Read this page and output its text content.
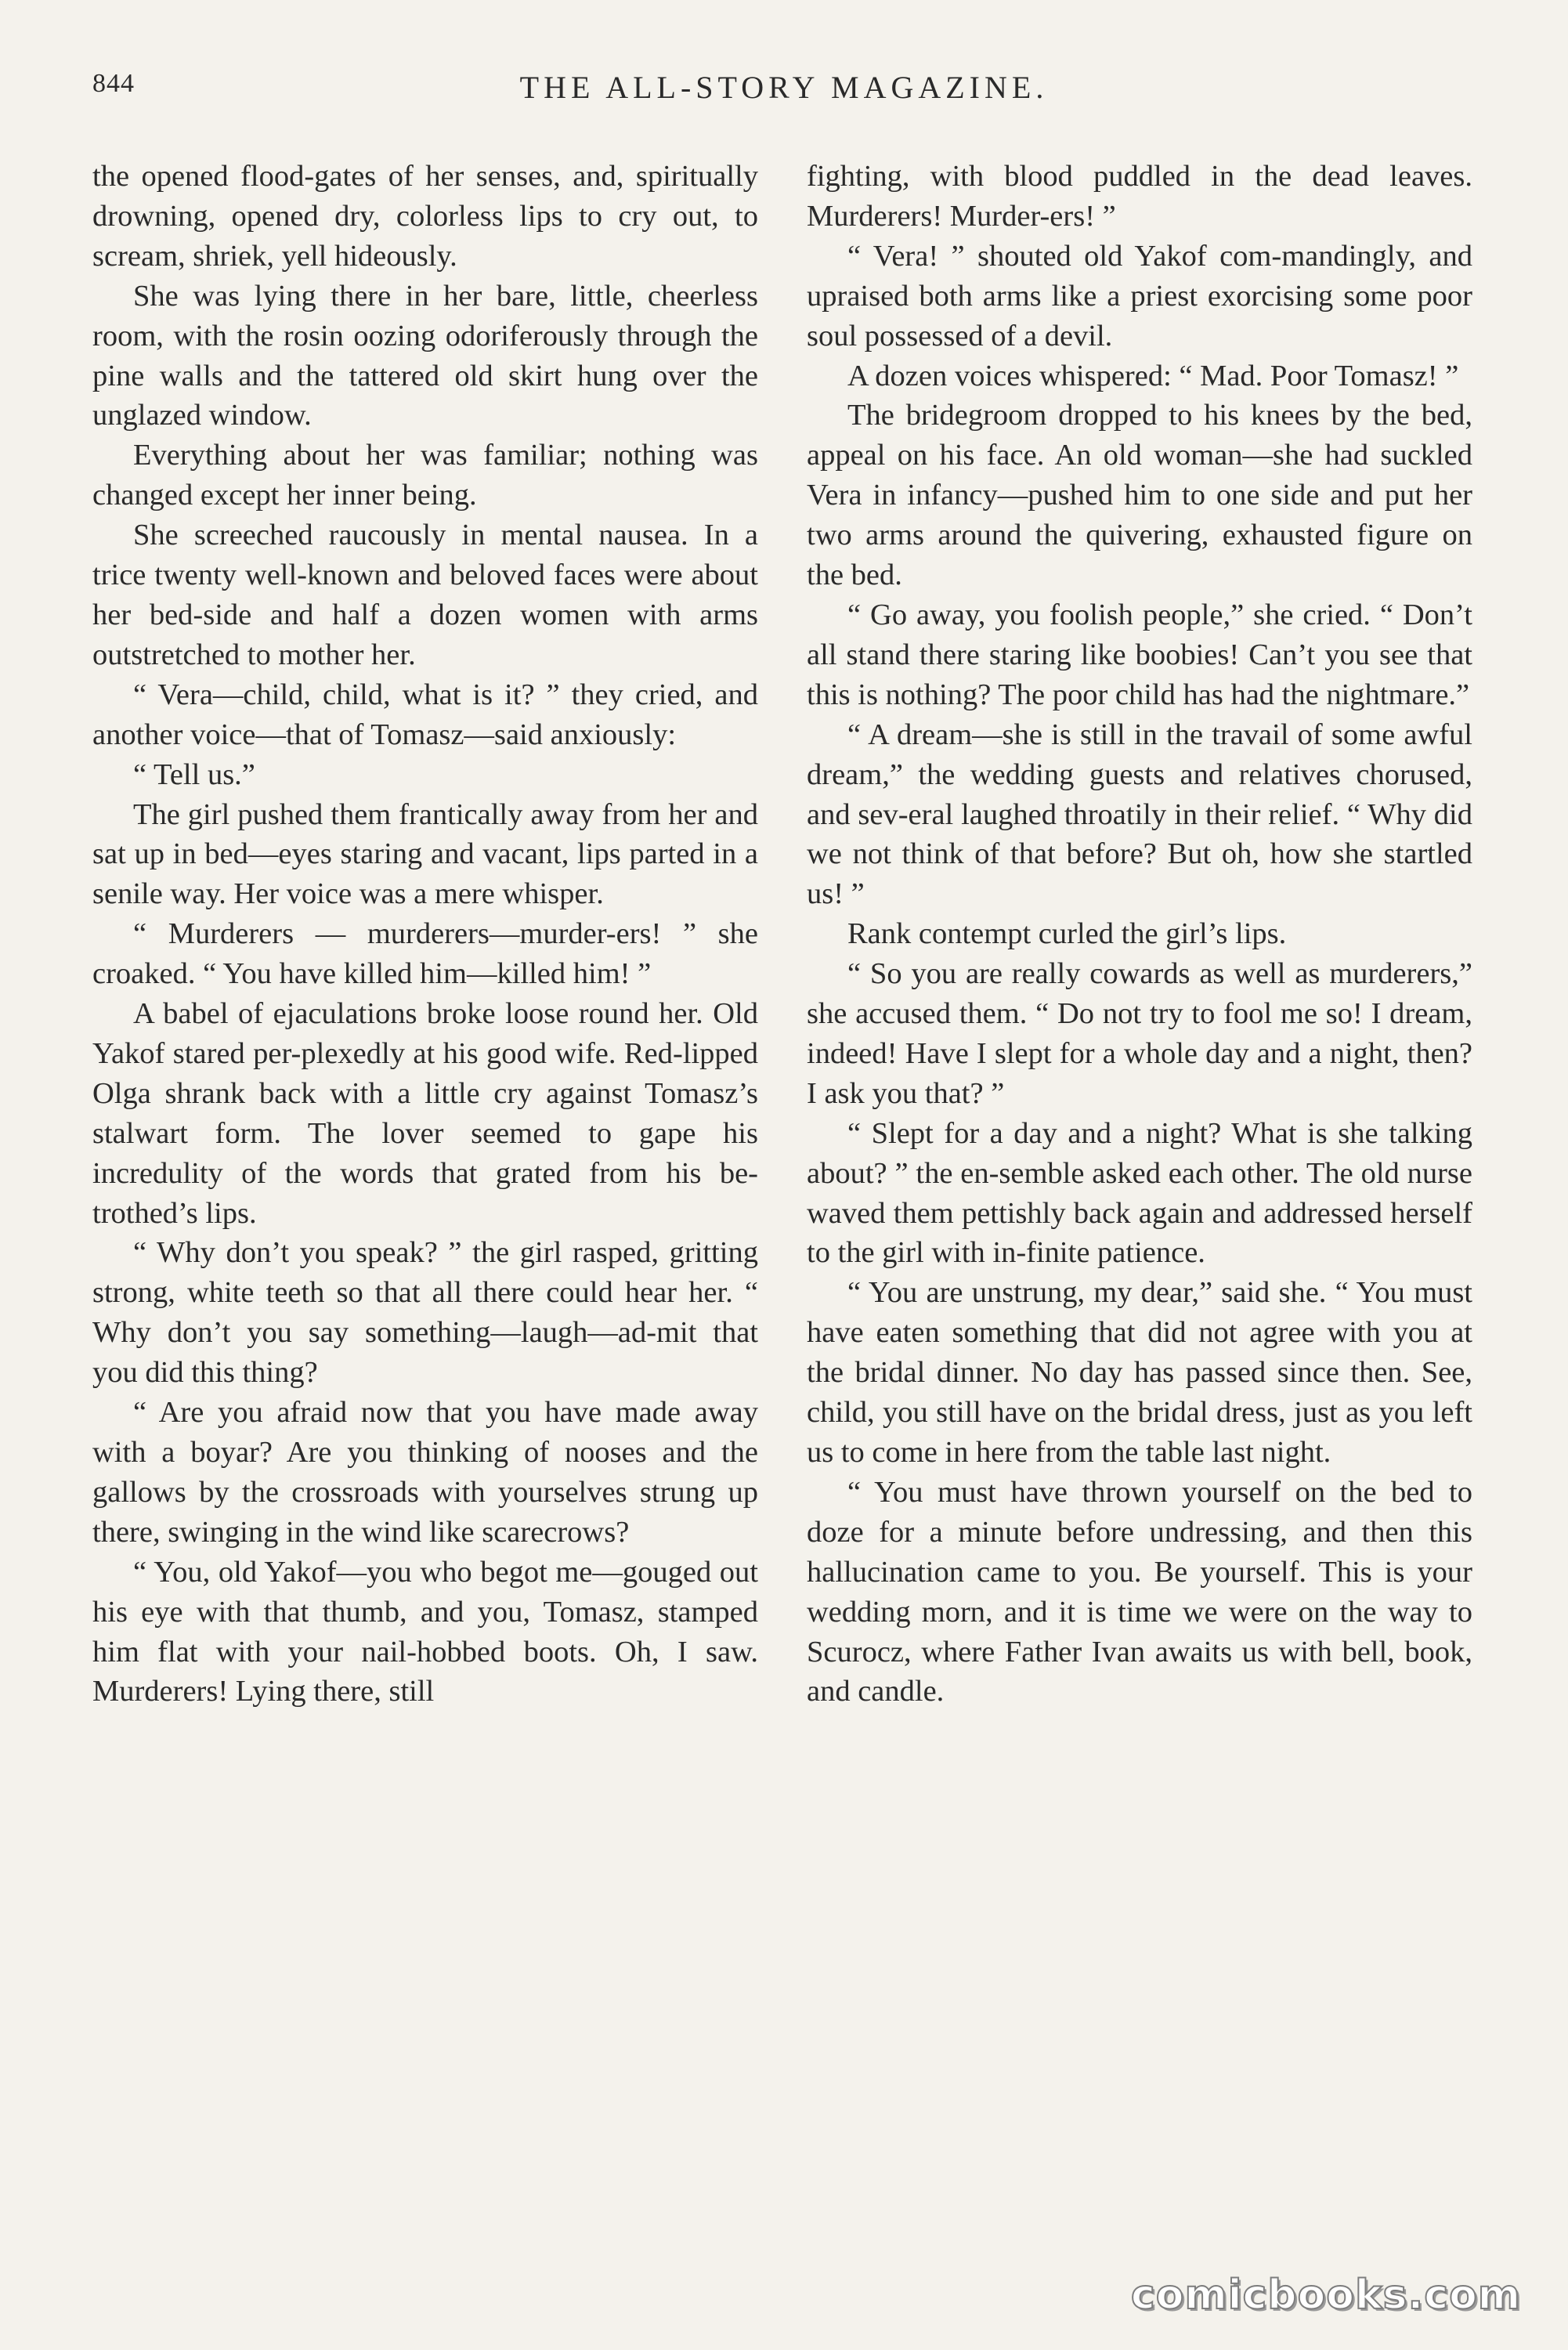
844	THE ALL-STORY MAGAZINE.

the opened flood-gates of her senses, and, spiritually drowning, opened dry, colorless lips to cry out, to scream, shriek, yell hideously.

She was lying there in her bare, little, cheerless room, with the rosin oozing odoriferously through the pine walls and the tattered old skirt hung over the unglazed window.

Everything about her was familiar; nothing was changed except her inner being.

She screeched raucously in mental nausea. In a trice twenty well-known and beloved faces were about her bed-side and half a dozen women with arms outstretched to mother her.

“ Vera—child, child, what is it? ” they cried, and another voice—that of Tomasz—said anxiously:

“ Tell us.”

The girl pushed them frantically away from her and sat up in bed—eyes staring and vacant, lips parted in a senile way. Her voice was a mere whisper.

“ Murderers — murderers—murder-ers! ” she croaked. “ You have killed him—killed him! ”

A babel of ejaculations broke loose round her. Old Yakof stared per-plexedly at his good wife. Red-lipped Olga shrank back with a little cry against Tomasz’s stalwart form. The lover seemed to gape his incredulity of the words that grated from his be-trothed’s lips.

“ Why don’t you speak? ” the girl rasped, gritting strong, white teeth so that all there could hear her. “ Why don’t you say something—laugh—ad-mit that you did this thing?

“ Are you afraid now that you have made away with a boyar? Are you thinking of nooses and the gallows by the crossroads with yourselves strung up there, swinging in the wind like scarecrows?

“ You, old Yakof—you who begot me—gouged out his eye with that thumb, and you, Tomasz, stamped him flat with your nail-hobbed boots. Oh, I saw. Murderers! Lying there, still

fighting, with blood puddled in the dead leaves. Murderers! Murder-ers! ”

“ Vera! ” shouted old Yakof com-mandingly, and upraised both arms like a priest exorcising some poor soul possessed of a devil.

A dozen voices whispered: “ Mad. Poor Tomasz! ”

The bridegroom dropped to his knees by the bed, appeal on his face. An old woman—she had suckled Vera in infancy—pushed him to one side and put her two arms around the quivering, exhausted figure on the bed.

“ Go away, you foolish people,” she cried. “ Don’t all stand there staring like boobies! Can’t you see that this is nothing? The poor child has had the nightmare.”

“ A dream—she is still in the travail of some awful dream,” the wedding guests and relatives chorused, and sev-eral laughed throatily in their relief. “ Why did we not think of that before? But oh, how she startled us! ”

Rank contempt curled the girl’s lips.

“ So you are really cowards as well as murderers,” she accused them. “ Do not try to fool me so! I dream, indeed! Have I slept for a whole day and a night, then? I ask you that? ”

“ Slept for a day and a night? What is she talking about? ” the en-semble asked each other. The old nurse waved them pettishly back again and addressed herself to the girl with in-finite patience.

“ You are unstrung, my dear,” said she. “ You must have eaten something that did not agree with you at the bridal dinner. No day has passed since then. See, child, you still have on the bridal dress, just as you left us to come in here from the table last night.

“ You must have thrown yourself on the bed to doze for a minute before undressing, and then this hallucination came to you. Be yourself. This is your wedding morn, and it is time we were on the way to Scurocz, where Father Ivan awaits us with bell, book, and candle.

comicbooks.com
